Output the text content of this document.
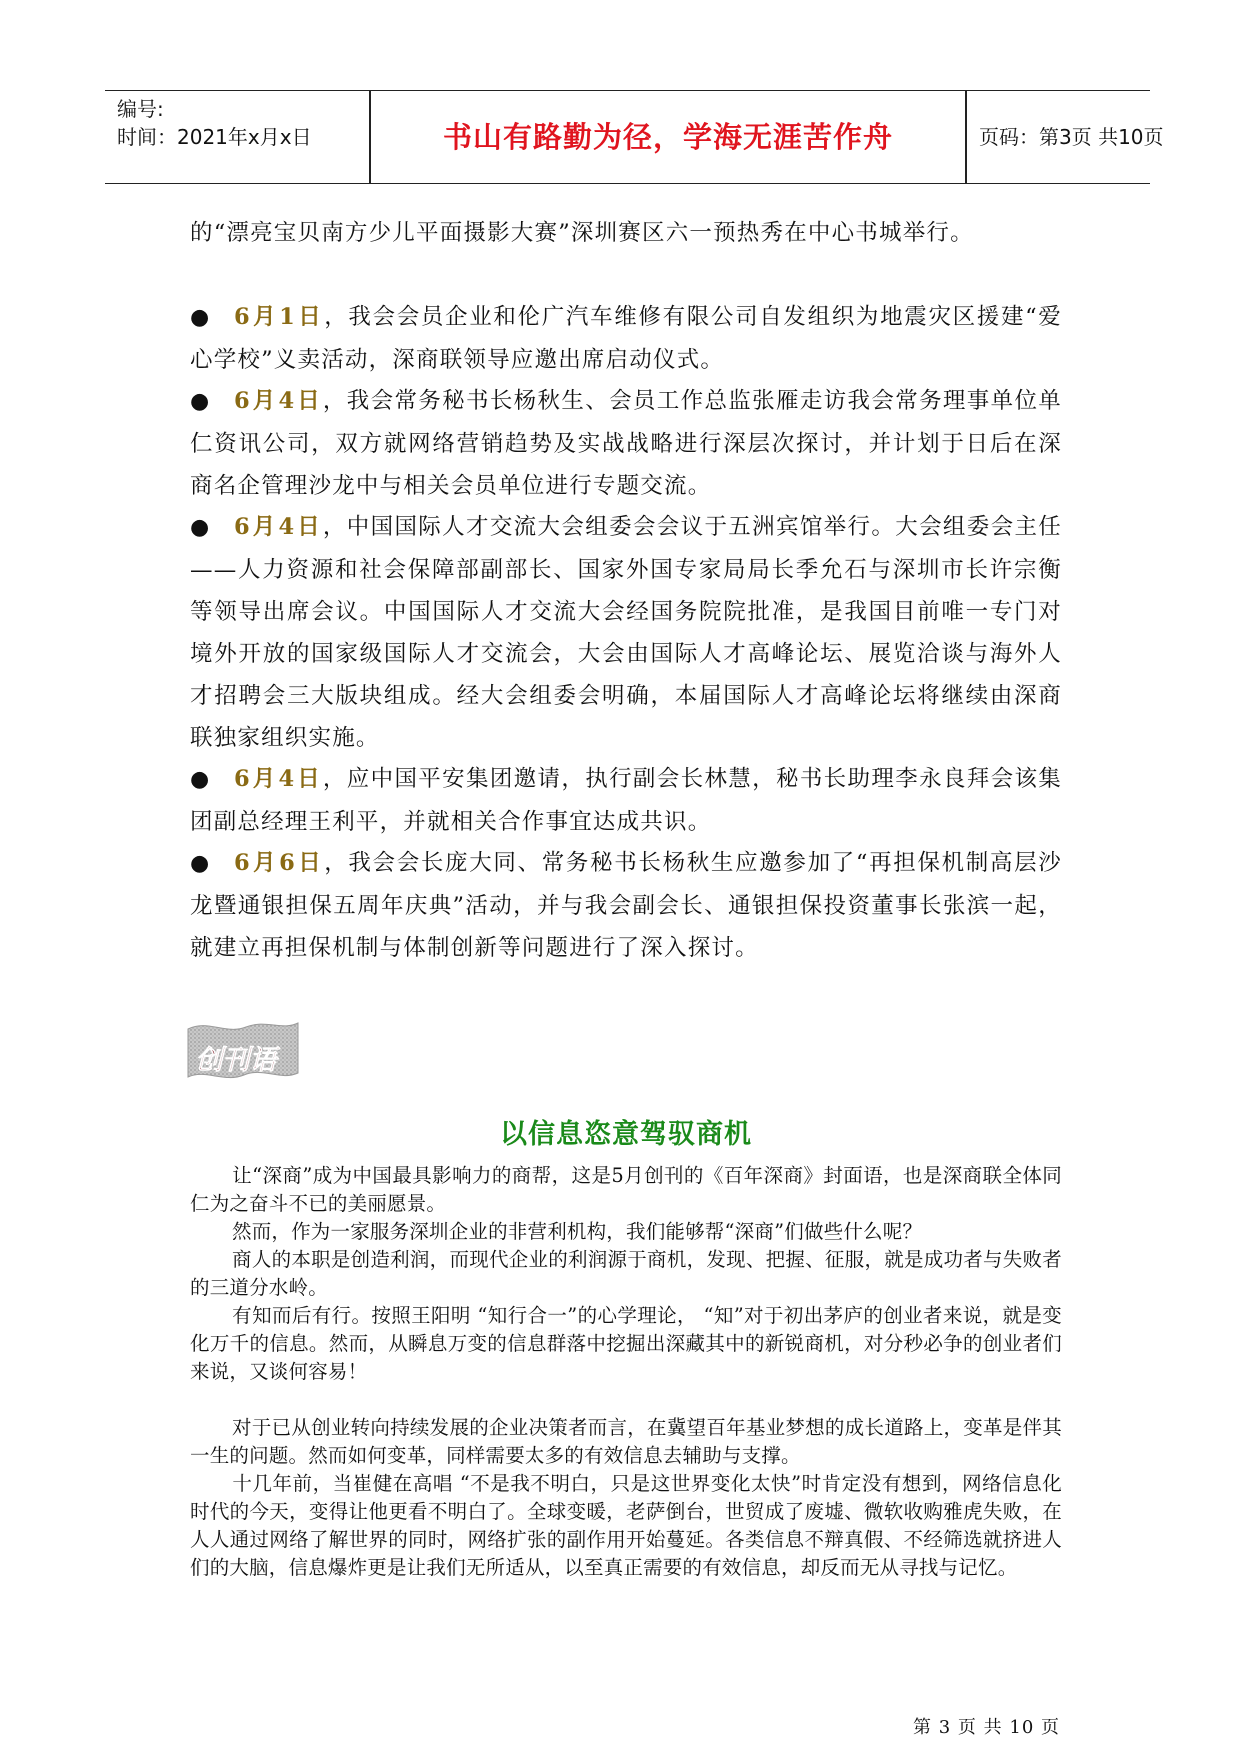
编号:
时间：2021年x月x日	书山有路勤为径，学海无涯苦作舟	页码：第3页 共10页
的“漂亮宝贝南方少儿平面摄影大赛”深圳赛区六一预热秀在中心书城举行。
● 6月1日，我会会员企业和伦广汽车维修有限公司自发组织为地震灾区援建“爱心学校”义卖活动，深商联领导应邀出席启动仪式。
● 6月4日，我会常务秘书长杨秋生、会员工作总监张雁走访我会常务理事单位单仁资讯公司，双方就网络营销趋势及实战战略进行深层次探讨，并计划于日后在深商名企管理沙龙中与相关会员单位进行专题交流。
● 6月4日，中国国际人才交流大会组委会会议于五洲宾馆举行。大会组委会主任——人力资源和社会保障部副部长、国家外国专家局局长季允石与深圳市长许宗衡等领导出席会议。中国国际人才交流大会经国务院院批准，是我国目前唯一专门对境外开放的国家级国际人才交流会，大会由国际人才高峰论坛、展览洽谈与海外人才招聘会三大版块组成。经大会组委会明确，本届国际人才高峰论坛将继续由深商联独家组织实施。
● 6月4日，应中国平安集团邀请，执行副会长林慧，秘书长助理李永良拜会该集团副总经理王利平，并就相关合作事宜达成共识。
● 6月6日，我会会长庞大同、常务秘书长杨秋生应邀参加了“再担保机制高层沙龙暨通银担保五周年庆典”活动，并与我会副会长、通银担保投资董事长张滨一起，就建立再担保机制与体制创新等问题进行了深入探讨。
创刊语
以信息恣意驾驭商机
让“深商”成为中国最具影响力的商帮，这是5月创刊的《百年深商》封面语，也是深商联全体同仁为之奋斗不已的美丽愿景。
然而，作为一家服务深圳企业的非营利机构，我们能够帮“深商”们做些什么呢？
商人的本职是创造利润，而现代企业的利润源于商机，发现、把握、征服，就是成功者与失败者的三道分水岭。
有知而后有行。按照王阳明 “知行合一”的心学理论， “知”对于初出茅庐的创业者来说，就是变化万千的信息。然而，从瞬息万变的信息群落中挖掘出深藏其中的新锐商机，对分秒必争的创业者们来说，又谈何容易！
对于已从创业转向持续发展的企业决策者而言，在冀望百年基业梦想的成长道路上，变革是伴其一生的问题。然而如何变革，同样需要太多的有效信息去辅助与支撑。
十几年前，当崔健在高唱 “不是我不明白，只是这世界变化太快”时肯定没有想到，网络信息化时代的今天，变得让他更看不明白了。全球变暖，老萨倒台，世贸成了废墟、微软收购雅虎失败，在人人通过网络了解世界的同时，网络扩张的副作用开始蔓延。各类信息不辩真假、不经筛选就挤进人们的大脑，信息爆炸更是让我们无所适从，以至真正需要的有效信息，却反而无从寻找与记忆。
第 3 页 共 10 页
